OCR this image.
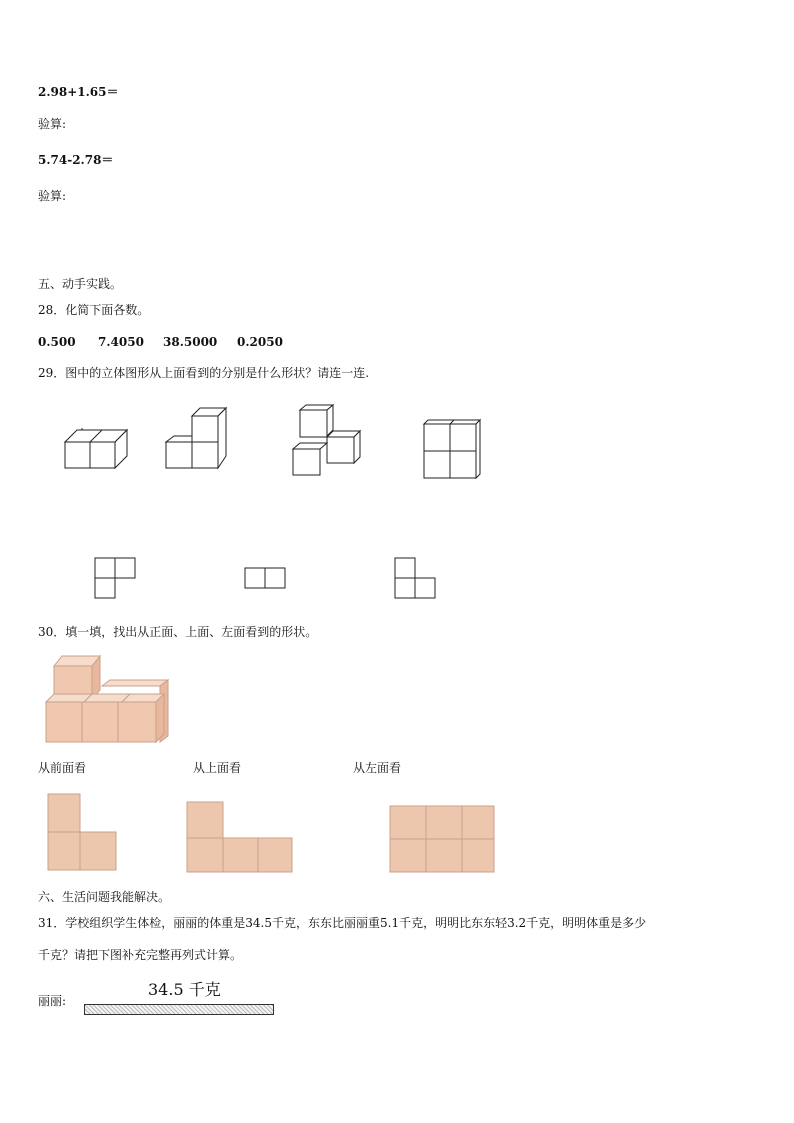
2.98+1.65＝
验算:
5.74-2.78＝
验算:
五、动手实践。
28．化简下面各数。
0.500 7.4050 38.5000 0.2050
29．图中的立体图形从上面看到的分别是什么形状？请连一连.
30．填一填，找出从正面、上面、左面看到的形状。
从前面看	从上面看	从左面看
六、生活问题我能解决。
31．学校组织学生体检，丽丽的体重是34.5千克，东东比丽丽重5.1千克，明明比东东轻3.2千克，明明体重是多少
千克？请把下图补充完整再列式计算。
丽丽:
34.5 千克
